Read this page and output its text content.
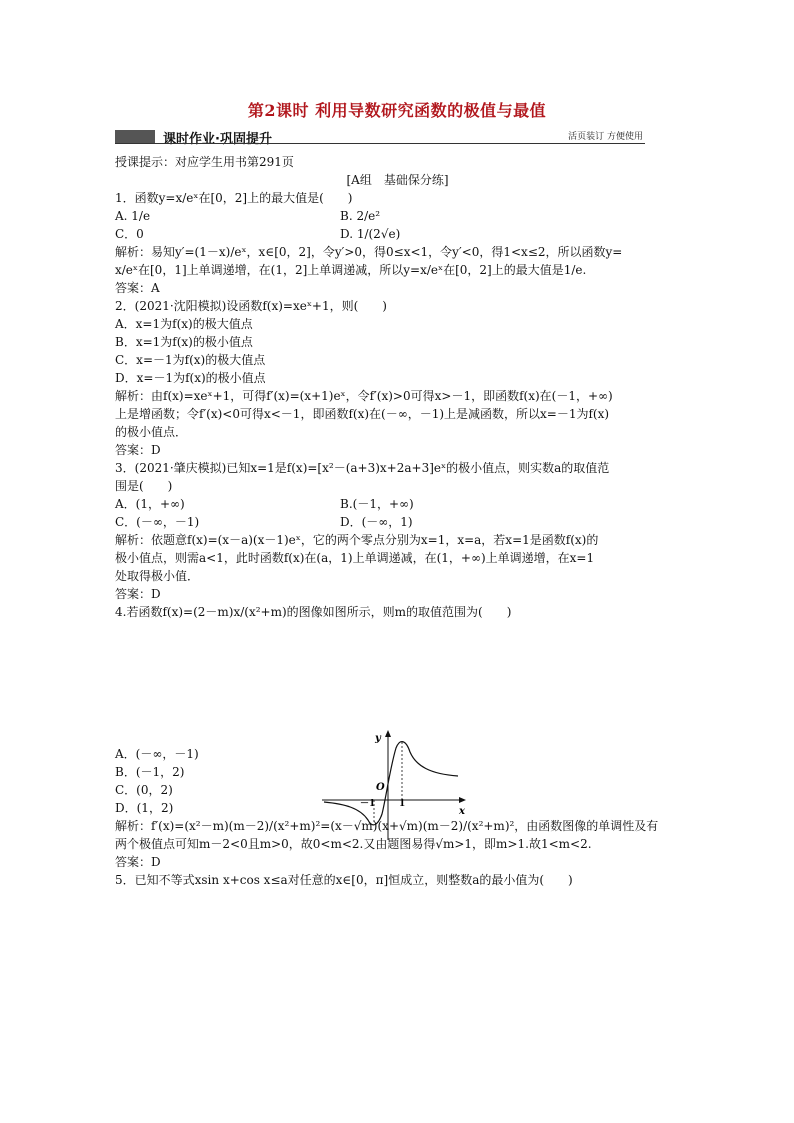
第2课时 利用导数研究函数的极值与最值
课时作业·巩固提升	活页装订 方便使用

授课提示：对应学生用书第291页

[A组　基础保分练]

1．函数y=x/eˣ在[0，2]上的最大值是(　　)

A. 1/e	B. 2/e²

C．0	D. 1/(2√e)

解析：易知y′=(1－x)/eˣ，x∈[0，2]，令y′>0，得0≤x<1，令y′<0，得1<x≤2，所以函数y=

x/eˣ在[0，1]上单调递增，在(1，2]上单调递减，所以y=x/eˣ在[0，2]上的最大值是1/e.

答案：A

2．(2021·沈阳模拟)设函数f(x)=xeˣ+1，则(　　)

A．x=1为f(x)的极大值点

B．x=1为f(x)的极小值点

C．x=－1为f(x)的极大值点

D．x=－1为f(x)的极小值点

解析：由f(x)=xeˣ+1，可得f′(x)=(x+1)eˣ，令f′(x)>0可得x>－1，即函数f(x)在(－1，+∞)

上是增函数；令f′(x)<0可得x<－1，即函数f(x)在(－∞，－1)上是减函数，所以x=－1为f(x)

的极小值点．

答案：D

3．(2021·肇庆模拟)已知x=1是f(x)=[x²－(a+3)x+2a+3]eˣ的极小值点，则实数a的取值范

围是(　　)

A．(1，+∞)	B.(－1，+∞)

C．(－∞，－1)	D．(－∞，1)

解析：依题意f(x)=(x－a)(x－1)eˣ，它的两个零点分别为x=1，x=a，若x=1是函数f(x)的

极小值点，则需a<1，此时函数f(x)在(a，1)上单调递减，在(1，+∞)上单调递增，在x=1

处取得极小值．

答案：D

4.若函数f(x)=(2－m)x/(x²+m)的图像如图所示，则m的取值范围为(　　)

A．(－∞，－1)

B．(－1，2)

C．(0，2)

D．(1，2)

解析：f′(x)=(x²－m)(m－2)/(x²+m)²=(x－√m)(x+√m)(m－2)/(x²+m)²，由函数图像的单调性及有

两个极值点可知m－2<0且m>0，故0<m<2.又由题图易得√m>1，即m>1.故1<m<2.

答案：D

5．已知不等式xsin x+cos x≤a对任意的x∈[0，π]恒成立，则整数a的最小值为(　　)

y
x
O
－1	1
